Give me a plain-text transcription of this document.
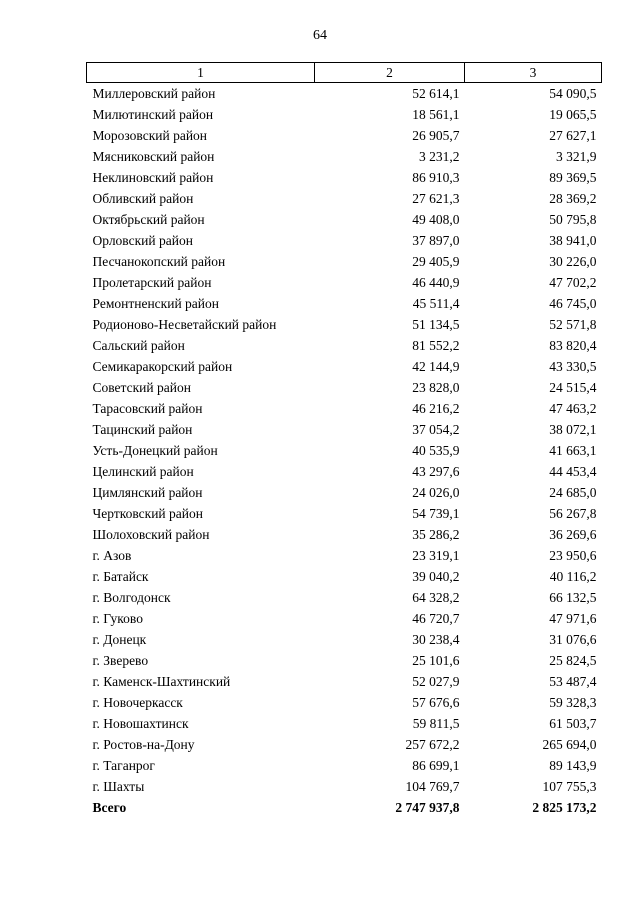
64
1	2	3
Миллеровский район	52 614,1	54 090,5
Милютинский район	18 561,1	19 065,5
Морозовский район	26 905,7	27 627,1
Мясниковский район	3 231,2	3 321,9
Неклиновский район	86 910,3	89 369,5
Обливский район	27 621,3	28 369,2
Октябрьский район	49 408,0	50 795,8
Орловский район	37 897,0	38 941,0
Песчанокопский район	29 405,9	30 226,0
Пролетарский район	46 440,9	47 702,2
Ремонтненский район	45 511,4	46 745,0
Родионово-Несветайский район	51 134,5	52 571,8
Сальский район	81 552,2	83 820,4
Семикаракорский район	42 144,9	43 330,5
Советский район	23 828,0	24 515,4
Тарасовский район	46 216,2	47 463,2
Тацинский район	37 054,2	38 072,1
Усть-Донецкий район	40 535,9	41 663,1
Целинский район	43 297,6	44 453,4
Цимлянский район	24 026,0	24 685,0
Чертковский район	54 739,1	56 267,8
Шолоховский район	35 286,2	36 269,6
г. Азов	23 319,1	23 950,6
г. Батайск	39 040,2	40 116,2
г. Волгодонск	64 328,2	66 132,5
г. Гуково	46 720,7	47 971,6
г. Донецк	30 238,4	31 076,6
г. Зверево	25 101,6	25 824,5
г. Каменск-Шахтинский	52 027,9	53 487,4
г. Новочеркасск	57 676,6	59 328,3
г. Новошахтинск	59 811,5	61 503,7
г. Ростов-на-Дону	257 672,2	265 694,0
г. Таганрог	86 699,1	89 143,9
г. Шахты	104 769,7	107 755,3
Всего	2 747 937,8	2 825 173,2
